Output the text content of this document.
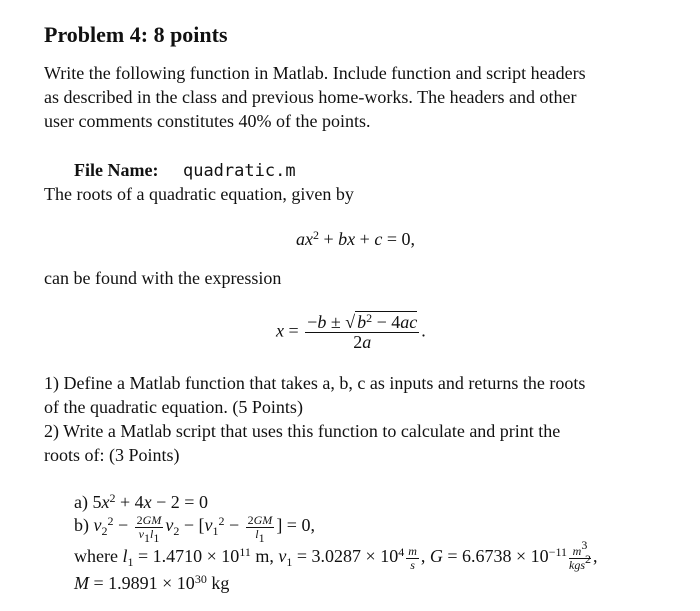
Problem 4: 8 points
Write the following function in Matlab. Include function and script headers
as described in the class and previous home-works. The headers and other
user comments constitutes 40% of the points.
File Name: quadratic.m
The roots of a quadratic equation, given by
$ax^2$ + bx + c = 0,
can be found with the expression
$x = \frac{-b \pm √ b^2 - 4ac}{2a}$ .
1) Define a Matlab function that takes a, b, c as inputs and returns the roots
of the quadratic equation. (5 Points)
2) Write a Matlab script that uses this function to calculate and print the
roots of: (3 Points)
a) $5x^2 + 4x - 2 = 0$
b) $v_2^2 - \frac{2GM}{v_1l_1} v_2 - [v_1^2 - \frac{2GM}{l_1}$ ] = 0,
where $l_1 = 1.4710 \times 10^{11}$ m, $v_1 = 3.0287 \times 10^4 \frac{m}{s}$ , $G = 6.6738 \times 10^{-11} \frac{m^3}{kgs^2}$ ,
$M = 1.9891 \times 10^{30}$ kg
